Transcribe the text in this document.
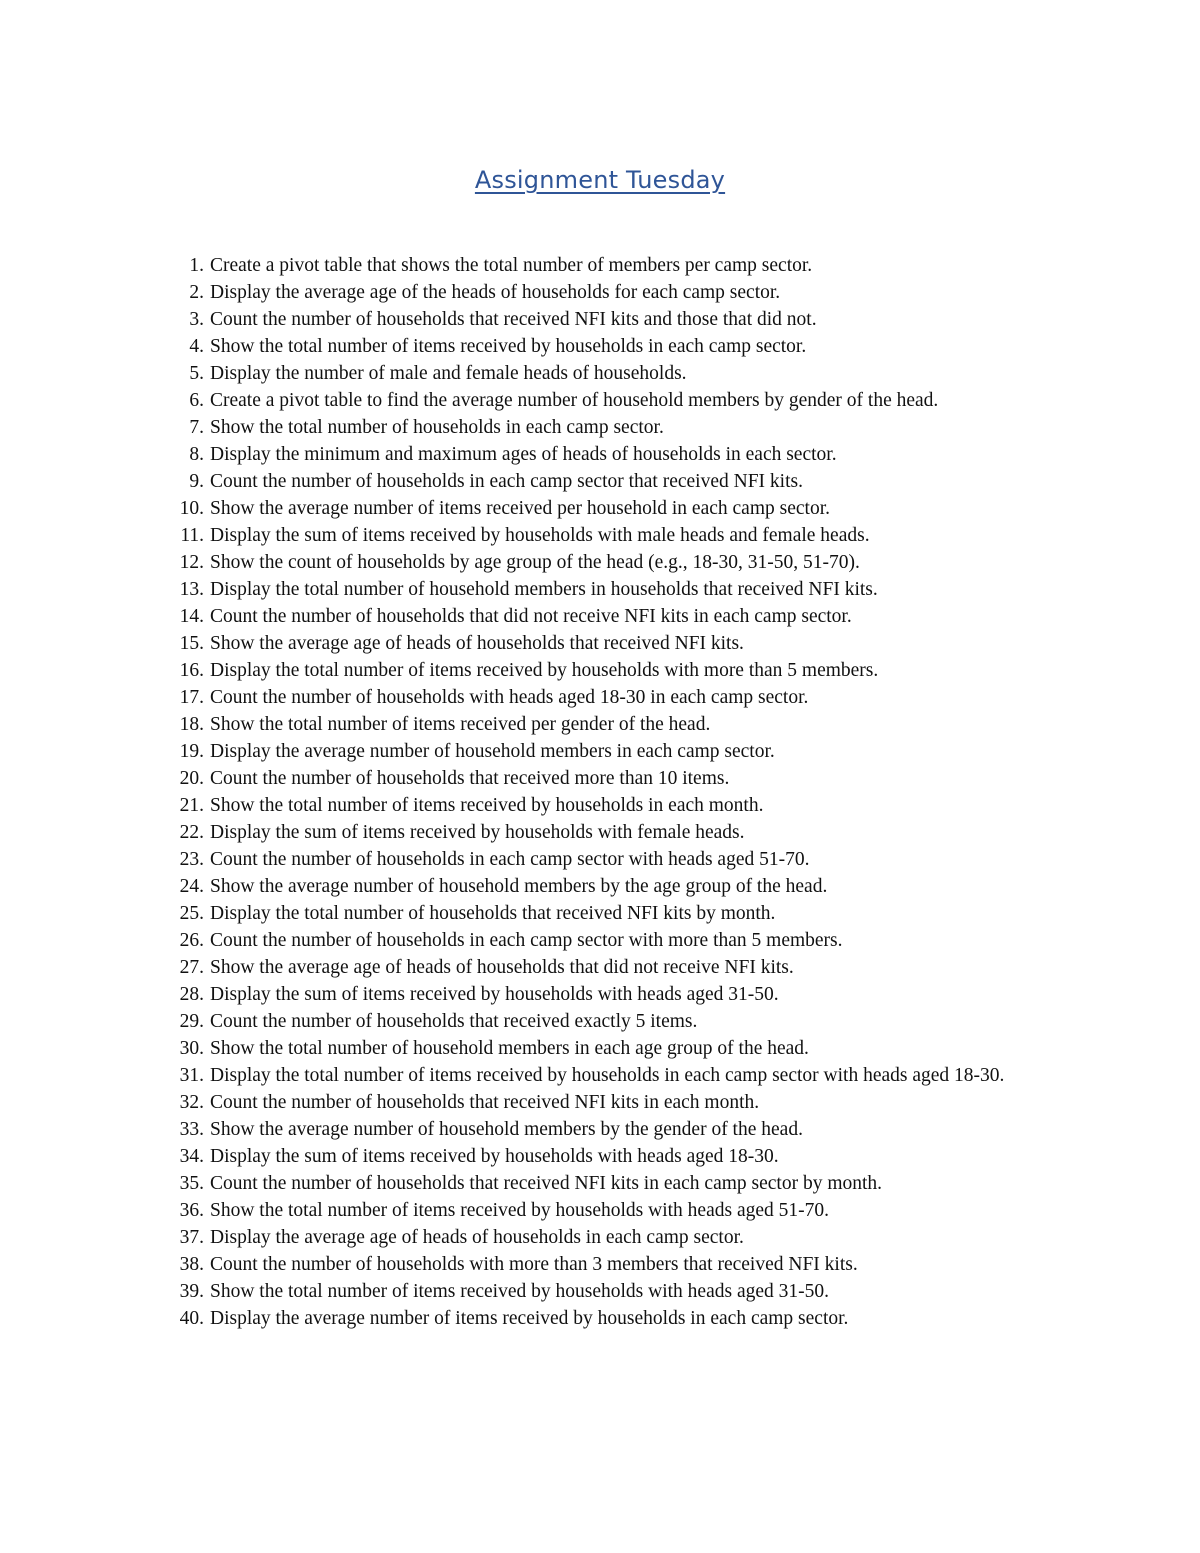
Assignment Tuesday
1. Create a pivot table that shows the total number of members per camp sector.
2. Display the average age of the heads of households for each camp sector.
3. Count the number of households that received NFI kits and those that did not.
4. Show the total number of items received by households in each camp sector.
5. Display the number of male and female heads of households.
6. Create a pivot table to find the average number of household members by gender of the head.
7. Show the total number of households in each camp sector.
8. Display the minimum and maximum ages of heads of households in each sector.
9. Count the number of households in each camp sector that received NFI kits.
10. Show the average number of items received per household in each camp sector.
11. Display the sum of items received by households with male heads and female heads.
12. Show the count of households by age group of the head (e.g., 18-30, 31-50, 51-70).
13. Display the total number of household members in households that received NFI kits.
14. Count the number of households that did not receive NFI kits in each camp sector.
15. Show the average age of heads of households that received NFI kits.
16. Display the total number of items received by households with more than 5 members.
17. Count the number of households with heads aged 18-30 in each camp sector.
18. Show the total number of items received per gender of the head.
19. Display the average number of household members in each camp sector.
20. Count the number of households that received more than 10 items.
21. Show the total number of items received by households in each month.
22. Display the sum of items received by households with female heads.
23. Count the number of households in each camp sector with heads aged 51-70.
24. Show the average number of household members by the age group of the head.
25. Display the total number of households that received NFI kits by month.
26. Count the number of households in each camp sector with more than 5 members.
27. Show the average age of heads of households that did not receive NFI kits.
28. Display the sum of items received by households with heads aged 31-50.
29. Count the number of households that received exactly 5 items.
30. Show the total number of household members in each age group of the head.
31. Display the total number of items received by households in each camp sector with heads aged 18-30.
32. Count the number of households that received NFI kits in each month.
33. Show the average number of household members by the gender of the head.
34. Display the sum of items received by households with heads aged 18-30.
35. Count the number of households that received NFI kits in each camp sector by month.
36. Show the total number of items received by households with heads aged 51-70.
37. Display the average age of heads of households in each camp sector.
38. Count the number of households with more than 3 members that received NFI kits.
39. Show the total number of items received by households with heads aged 31-50.
40. Display the average number of items received by households in each camp sector.
